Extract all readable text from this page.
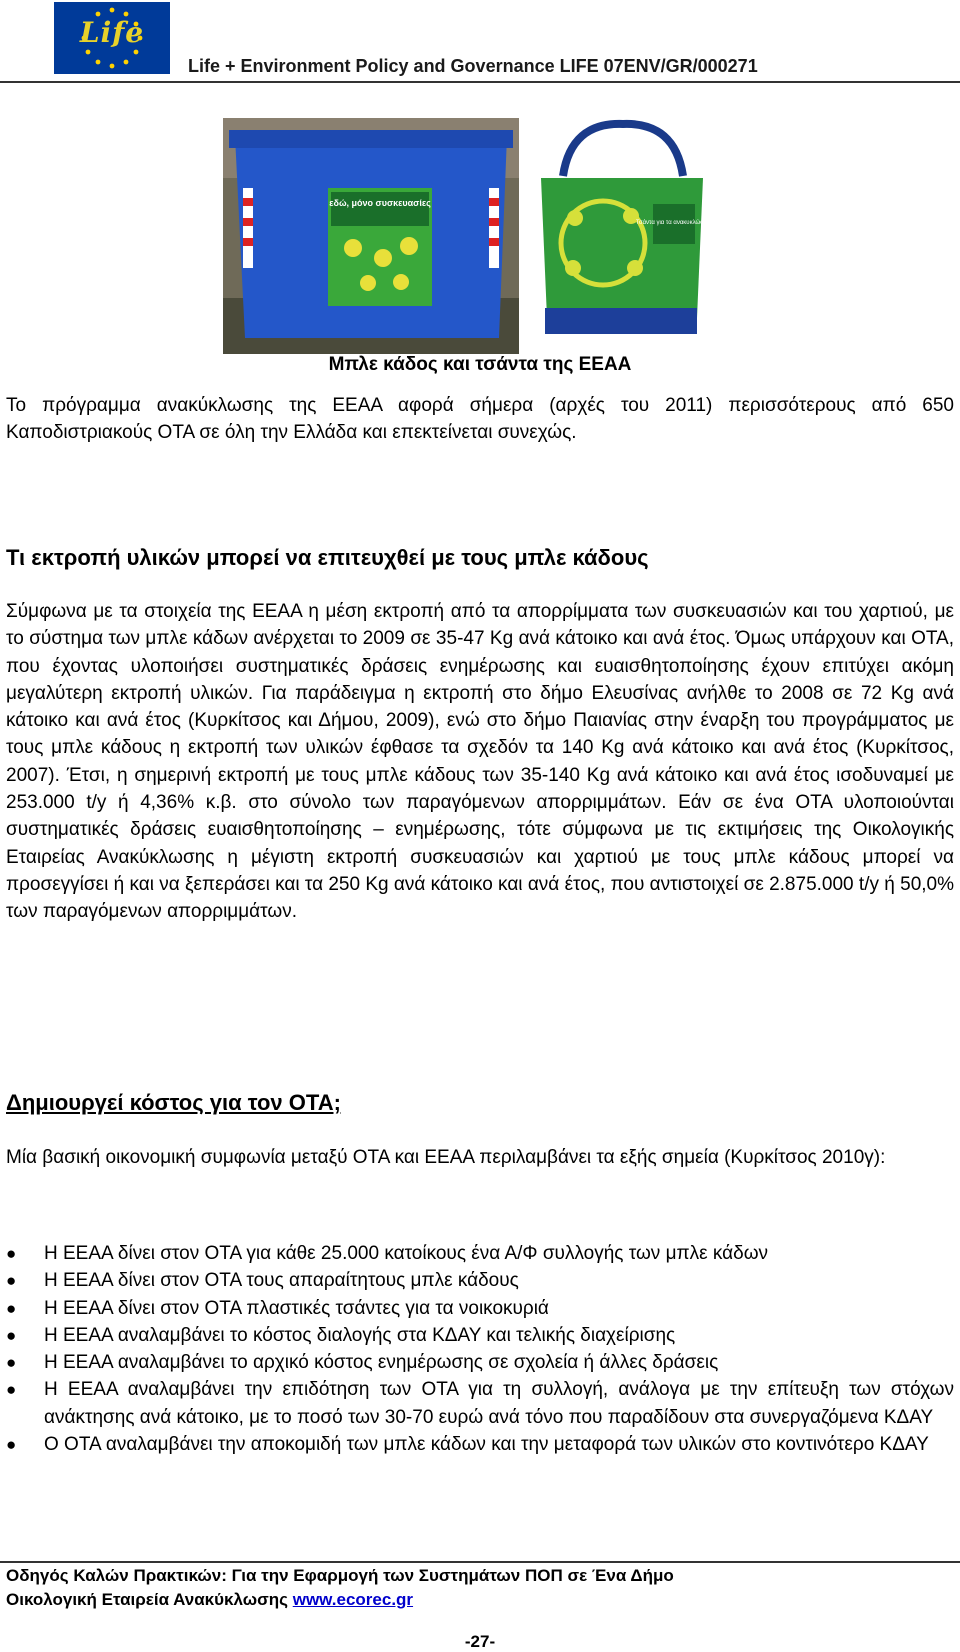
Life
Life + Environment Policy and Governance LIFE 07ENV/GR/000271
εδώ, μόνο συσκευασίες
Τσάντα για τα ανακυκλώσιμα
Μπλε κάδος και τσάντα της ΕΕΑΑ

Το πρόγραμμα ανακύκλωσης της ΕΕΑΑ αφορά σήμερα (αρχές του 2011) περισσότερους από 650 Καποδιστριακούς ΟΤΑ σε όλη την Ελλάδα και επεκτείνεται συνεχώς.

Τι εκτροπή υλικών μπορεί να επιτευχθεί με τους μπλε κάδους

Σύμφωνα με τα στοιχεία της ΕΕΑΑ η μέση εκτροπή από τα απορρίμματα των συσκευασιών και του χαρτιού, με το σύστημα των μπλε κάδων ανέρχεται το 2009 σε 35-47 Kg ανά κάτοικο και ανά έτος. Όμως υπάρχουν και ΟΤΑ, που έχοντας υλοποιήσει συστηματικές δράσεις ενημέρωσης και ευαισθητοποίησης έχουν επιτύχει ακόμη μεγαλύτερη εκτροπή υλικών. Για παράδειγμα η εκτροπή στο δήμο Ελευσίνας ανήλθε το 2008 σε 72 Kg ανά κάτοικο και ανά έτος (Κυρκίτσος και Δήμου, 2009), ενώ στο δήμο Παιανίας στην έναρξη του προγράμματος με τους μπλε κάδους η εκτροπή των υλικών έφθασε τα σχεδόν τα 140 Kg ανά κάτοικο και ανά έτος (Κυρκίτσος, 2007). Έτσι, η σημερινή εκτροπή με τους μπλε κάδους των 35-140 Kg ανά κάτοικο και ανά έτος ισοδυναμεί με 253.000 t/y ή 4,36% κ.β. στο σύνολο των παραγόμενων απορριμμάτων. Εάν σε ένα ΟΤΑ υλοποιούνται συστηματικές δράσεις ευαισθητοποίησης – ενημέρωσης, τότε σύμφωνα με τις εκτιμήσεις της Οικολογικής Εταιρείας Ανακύκλωσης η μέγιστη εκτροπή συσκευασιών και χαρτιού με τους μπλε κάδους μπορεί να προσεγγίσει ή και να ξεπεράσει και τα 250 Kg ανά κάτοικο και ανά έτος, που αντιστοιχεί σε 2.875.000 t/y ή 50,0% των παραγόμενων απορριμμάτων.

Δημιουργεί κόστος για τον ΟΤΑ;

Μία βασική οικονομική συμφωνία μεταξύ ΟΤΑ και ΕΕΑΑ περιλαμβάνει τα εξής σημεία (Κυρκίτσος 2010γ):

● Η ΕΕΑΑ δίνει στον ΟΤΑ για κάθε 25.000 κατοίκους ένα Α/Φ συλλογής των μπλε κάδων
● Η ΕΕΑΑ δίνει στον ΟΤΑ τους απαραίτητους μπλε κάδους
● Η ΕΕΑΑ δίνει στον ΟΤΑ πλαστικές τσάντες για τα νοικοκυριά
● Η ΕΕΑΑ αναλαμβάνει το κόστος διαλογής στα ΚΔΑΥ και τελικής διαχείρισης
● Η ΕΕΑΑ αναλαμβάνει το αρχικό κόστος ενημέρωσης σε σχολεία ή άλλες δράσεις
● Η ΕΕΑΑ αναλαμβάνει την επιδότηση των ΟΤΑ για τη συλλογή, ανάλογα με την επίτευξη των στόχων ανάκτησης ανά κάτοικο, με το ποσό των 30-70 ευρώ ανά τόνο που παραδίδουν στα συνεργαζόμενα ΚΔΑΥ
● Ο ΟΤΑ αναλαμβάνει την αποκομιδή των μπλε κάδων και την μεταφορά των υλικών στο κοντινότερο ΚΔΑΥ
Οδηγός Καλών Πρακτικών: Για την Εφαρμογή των Συστημάτων ΠΟΠ σε Ένα Δήμο
Οικολογική Εταιρεία Ανακύκλωσης www.ecorec.gr
-27-
